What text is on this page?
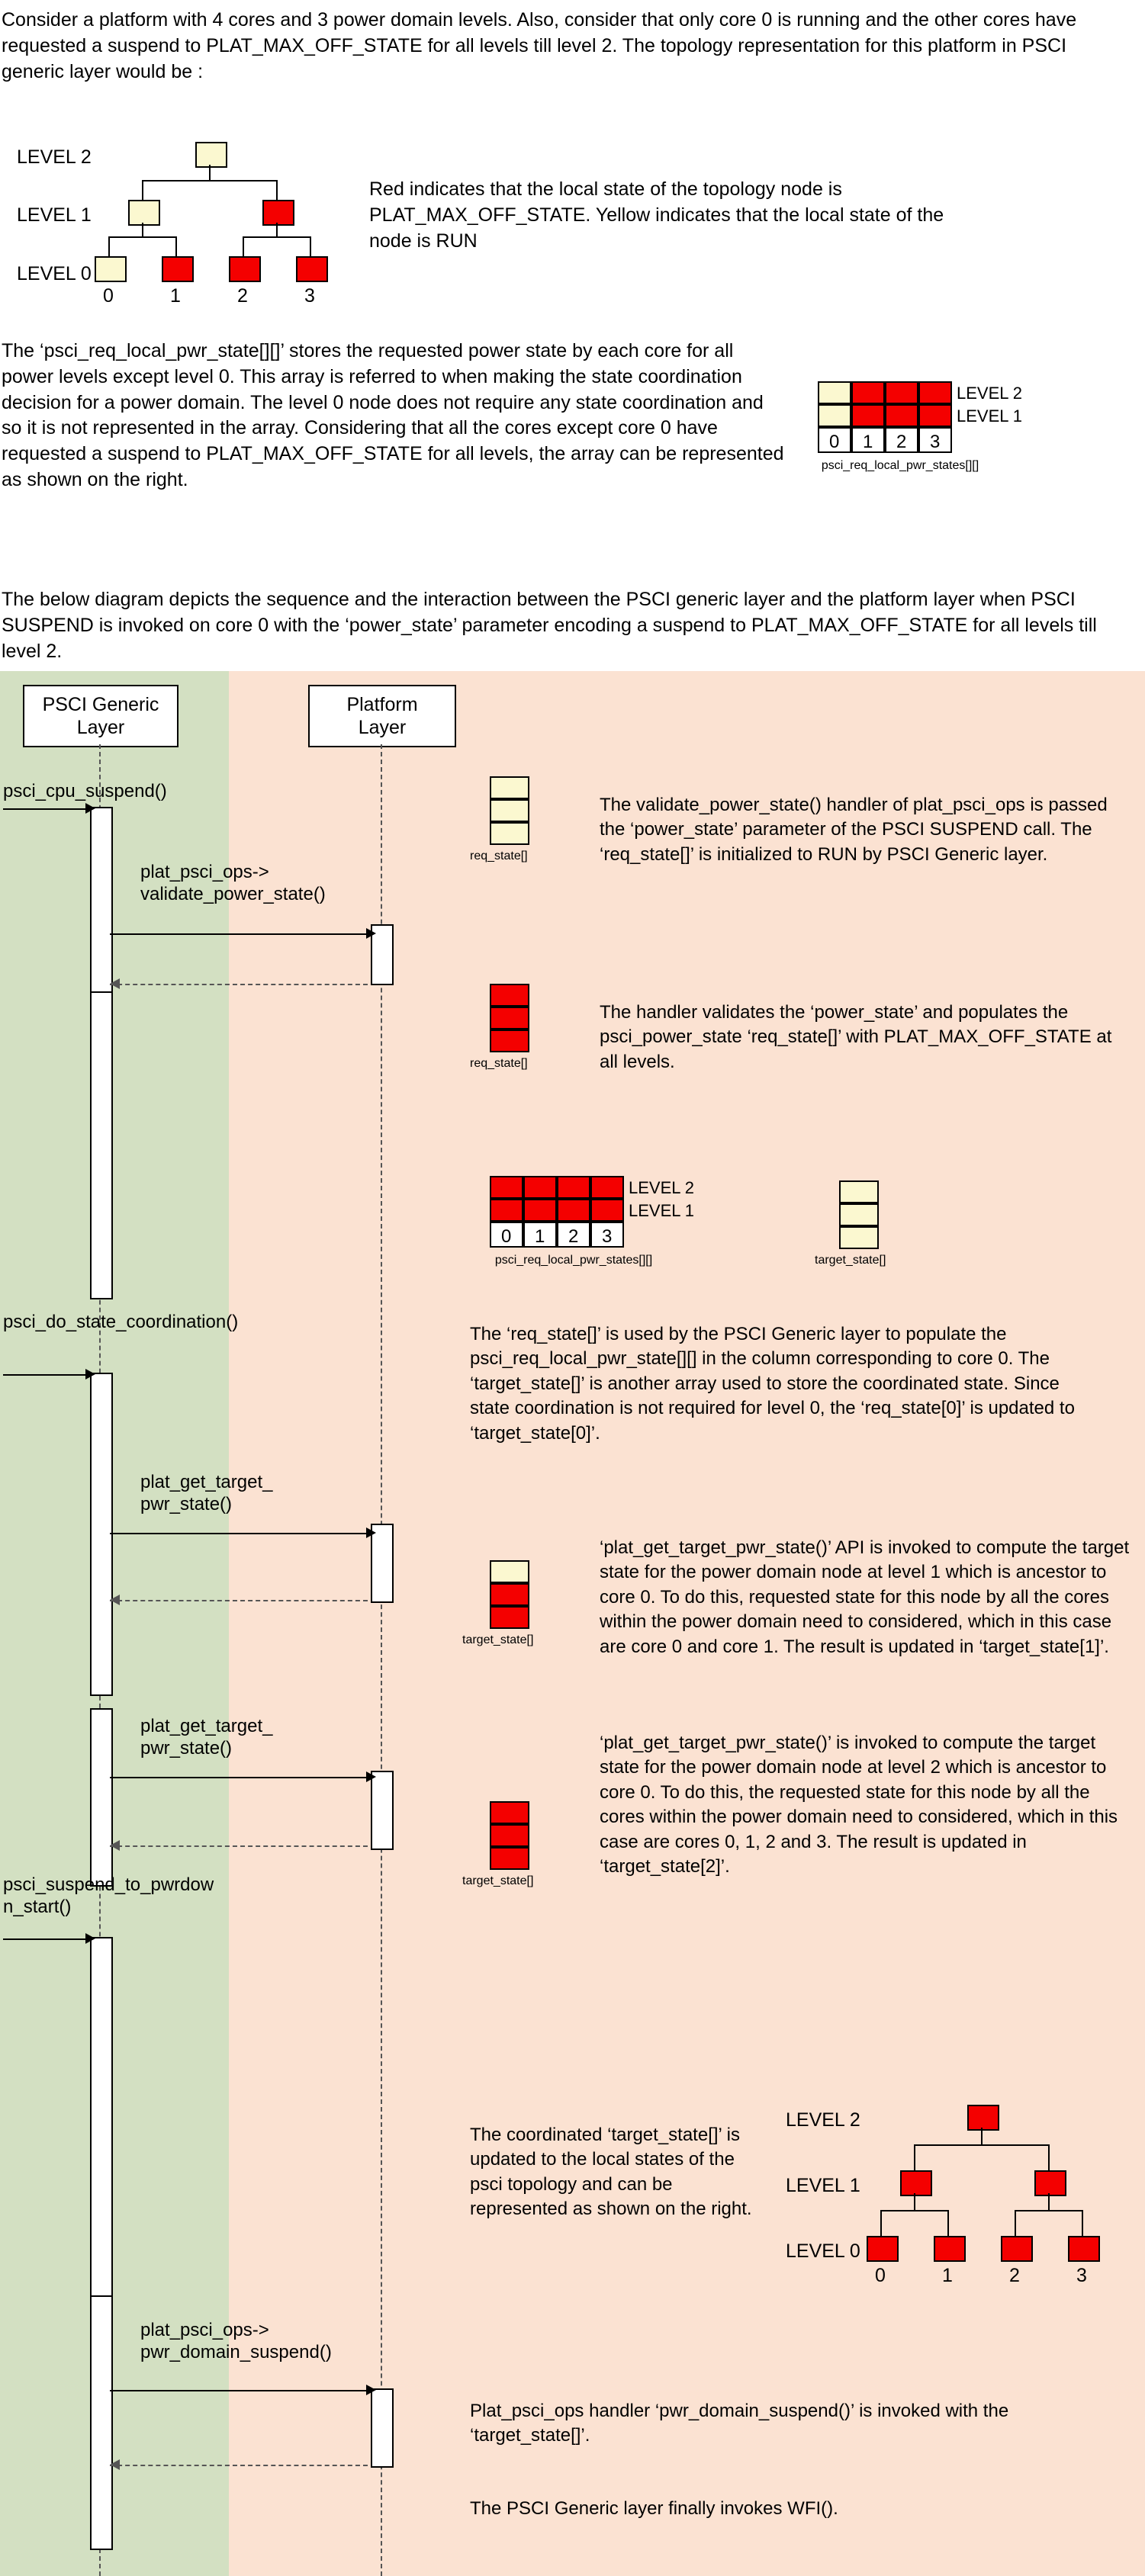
Consider a platform with 4 cores and 3 power domain levels. Also, consider that only core 0 is running and the other cores have requested a suspend to PLAT_MAX_OFF_STATE for all levels till level 2. The topology representation for this platform in PSCI generic layer would be :

LEVEL 2
LEVEL 1
LEVEL 0
0	1	2	3

Red indicates that the local state of the topology node is PLAT_MAX_OFF_STATE. Yellow indicates that the local state of the node is RUN

The ‘psci_req_local_pwr_state[][]’ stores the requested power state by each core for all power levels except level 0. This array is referred to when making the state coordination decision for a power domain. The level 0 node does not require any state coordination and so it is not represented in the array. Considering that all the cores except core 0 have requested a suspend to PLAT_MAX_OFF_STATE for all levels, the array can be represented as shown on the right.

0 1 2 3
LEVEL 2
LEVEL 1
psci_req_local_pwr_states[][]

The below diagram depicts the sequence and the interaction between the PSCI generic layer and the platform layer when PSCI SUSPEND is invoked on core 0 with the ‘power_state’ parameter encoding a suspend to PLAT_MAX_OFF_STATE for all levels till level 2.

PSCI Generic
Layer
Platform
Layer
psci_cpu_suspend()
plat_psci_ops->
validate_power_state()
psci_do_state_coordination()
plat_get_target_
pwr_state()
plat_get_target_
pwr_state()
psci_suspend_to_pwrdow
n_start()
plat_psci_ops->
pwr_domain_suspend()
req_state[]

The validate_power_state() handler of plat_psci_ops is passed the ‘power_state’ parameter of the PSCI SUSPEND call. The ‘req_state[]’ is initialized to RUN by PSCI Generic layer.

req_state[]

The handler validates the ‘power_state’ and populates the psci_power_state ‘req_state[]’ with PLAT_MAX_OFF_STATE at all levels.

0 1 2 3
LEVEL 2
LEVEL 1
psci_req_local_pwr_states[][]	target_state[]

The ‘req_state[]’ is used by the PSCI Generic layer to populate the psci_req_local_pwr_state[][] in the column corresponding to core 0. The ‘target_state[]’ is another array used to store the coordinated state. Since state coordination is not required for level 0, the ‘req_state[0]’ is updated to ‘target_state[0]’.

target_state[]

‘plat_get_target_pwr_state()’ API is invoked to compute the target state for the power domain node at level 1 which is ancestor to core 0. To do this, requested state for this node by all the cores within the power domain need to considered, which in this case are core 0 and core 1. The result is updated in ‘target_state[1]’.

target_state[]

‘plat_get_target_pwr_state()’ is invoked to compute the target state for the power domain node at level 2 which is ancestor to core 0. To do this, the requested state for this node by all the cores within the power domain need to considered, which in this case are cores 0, 1, 2 and 3. The result is updated in ‘target_state[2]’.

The coordinated ‘target_state[]’ is updated to the local states of the psci topology and can be represented as shown on the right.

LEVEL 2
LEVEL 1
LEVEL 0
0	1	2	3

Plat_psci_ops handler ‘pwr_domain_suspend()’ is invoked with the ‘target_state[]’.

The PSCI Generic layer finally invokes WFI().
